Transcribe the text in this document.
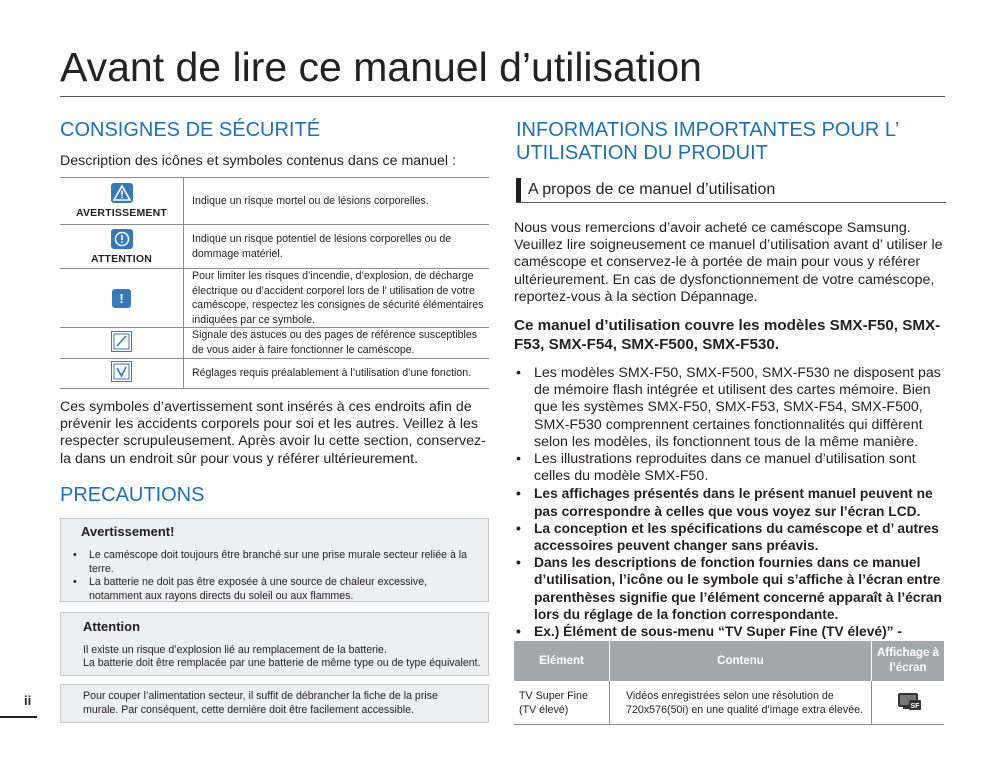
Avant de lire ce manuel d’utilisation
CONSIGNES DE SÉCURITÉ
Description des icônes et symboles contenus dans ce manuel :
AVERTISSEMENT	Indique un risque mortel ou de lésions corporelles.

ATTENTION	Indique un risque potentiel de lésions corporelles ou de dommage matériel.
!	Pour limiter les risques d’incendie, d’explosion, de décharge électrique ou d’accident corporel lors de l’ utilisation de votre caméscope, respectez les consignes de sécurité élémentaires indiquées par ce symbole.
	Signale des astuces ou des pages de référence susceptibles de vous aider à faire fonctionner le caméscope.
	Réglages requis préalablement à l’utilisation d’une fonction.
Ces symboles d’avertissement sont insérés à ces endroits afin de prévenir les accidents corporels pour soi et les autres. Veillez à les respecter scrupuleusement. Après avoir lu cette section, conservez-la dans un endroit sûr pour vous y référer ultérieurement.
PRECAUTIONS
Avertissement!
• Le caméscope doit toujours être branché sur une prise murale secteur reliée à la terre.
• La batterie ne doit pas être exposée à une source de chaleur excessive, notamment aux rayons directs du soleil ou aux flammes.
Attention
Il existe un risque d’explosion lié au remplacement de la batterie.
La batterie doit être remplacée par une batterie de même type ou de type équivalent.
Pour couper l’alimentation secteur, il suffit de débrancher la fiche de la prise murale. Par conséquent, cette dernière doit être facilement accessible.
ii
INFORMATIONS IMPORTANTES POUR L’
UTILISATION DU PRODUIT
A propos de ce manuel d’utilisation
Nous vous remercions d’avoir acheté ce caméscope Samsung. Veuillez lire soigneusement ce manuel d’utilisation avant d’ utiliser le caméscope et conservez-le à portée de main pour vous y référer ultérieurement. En cas de dysfonctionnement de votre caméscope, reportez-vous à la section Dépannage.
Ce manuel d’utilisation couvre les modèles SMX-F50, SMX-F53, SMX-F54, SMX-F500, SMX-F530.
• Les modèles SMX-F50, SMX-F500, SMX-F530 ne disposent pas de mémoire flash intégrée et utilisent des cartes mémoire. Bien que les systèmes SMX-F50, SMX-F53, SMX-F54, SMX-F500, SMX-F530 comprennent certaines fonctionnalités qui diffèrent selon les modèles, ils fonctionnent tous de la même manière.
• Les illustrations reproduites dans ce manuel d’utilisation sont celles du modèle SMX-F50.
• Les affichages présentés dans le présent manuel peuvent ne pas correspondre à celles que vous voyez sur l’écran LCD.
• La conception et les spécifications du caméscope et d’ autres accessoires peuvent changer sans préavis.
• Dans les descriptions de fonction fournies dans ce manuel d’utilisation, l’icône ou le symbole qui s’affiche à l’écran entre parenthèses signifie que l’élément concerné apparaît à l’écran lors du réglage de la fonction correspondante.
• Ex.) Élément de sous-menu “TV Super Fine (TV élevé)” -

Elément	Contenu	Affichage à l’écran
TV Super Fine (TV élevé)	Vidéos enregistrées selon une résolution de 720x576(50i) en une qualité d’image extra élevée.	SF
